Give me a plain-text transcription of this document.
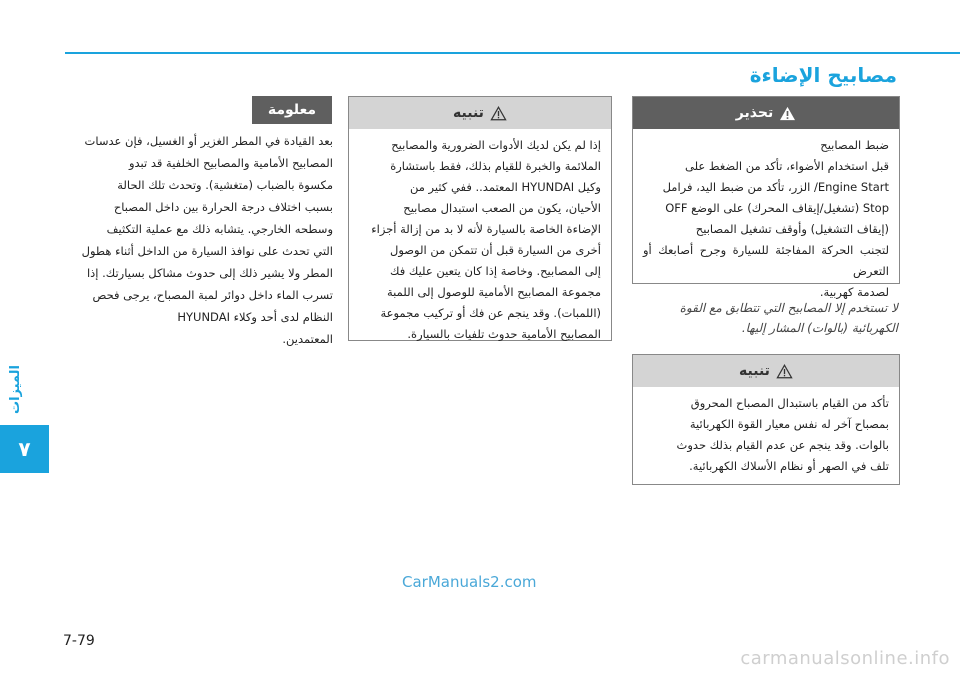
الميزات
٧
مصابيح الإضاءة
تحذير

ضبط المصابيح

قبل استخدام الأضواء، تأكد من الضغط على

Engine Start/ الزر، تأكد من ضبط اليد، فرامل

Stop (تشغيل/إيقاف المحرك) على الوضع OFF

(إيقاف التشغيل) وأوقف تشغيل المصابيح

لتجنب الحركة المفاجئة للسيارة وجرح أصابعك أو التعرض

لصدمة كهربية.

لا تستخدم إلا المصابيح التي تتطابق مع القوة الكهربائية (بالوات) المشار إليها.
تنبيه

تأكد من القيام باستبدال المصباح المحروق

بمصباح آخر له نفس معيار القوة الكهربائية

بالوات. وقد ينجم عن عدم القيام بذلك حدوث

تلف في الصهر أو نظام الأسلاك الكهربائية.

تنبيه

إذا لم يكن لديك الأدوات الضرورية والمصابيح

الملائمة والخبرة للقيام بذلك، فقط باستشارة

وكيل HYUNDAI المعتمد.. ففي كثير من

الأحيان، يكون من الصعب استبدال مصابيح

الإضاءة الخاصة بالسيارة لأنه لا بد من إزالة أجزاء

أخرى من السيارة قبل أن تتمكن من الوصول

إلى المصابيح. وخاصة إذا كان يتعين عليك فك

مجموعة المصابيح الأمامية للوصول إلى اللمبة

(اللمبات). وقد ينجم عن فك أو تركيب مجموعة

المصابيح الأمامية حدوث تلفيات بالسيارة.

معلومة

بعد القيادة في المطر الغزير أو الغسيل، فإن عدسات

المصابيح الأمامية والمصابيح الخلفية قد تبدو

مكسوة بالضباب (متغشية). وتحدث تلك الحالة

بسبب اختلاف درجة الحرارة بين داخل المصباح

وسطحه الخارجي. يتشابه ذلك مع عملية التكثيف

التي تحدث على نوافذ السيارة من الداخل أثناء هطول

المطر ولا يشير ذلك إلى حدوث مشاكل بسيارتك. إذا

تسرب الماء داخل دوائر لمبة المصباح، يرجى فحص

النظام لدى أحد وكلاء HYUNDAI

المعتمدين.

CarManuals2.com
7-79
carmanualsonline.info
